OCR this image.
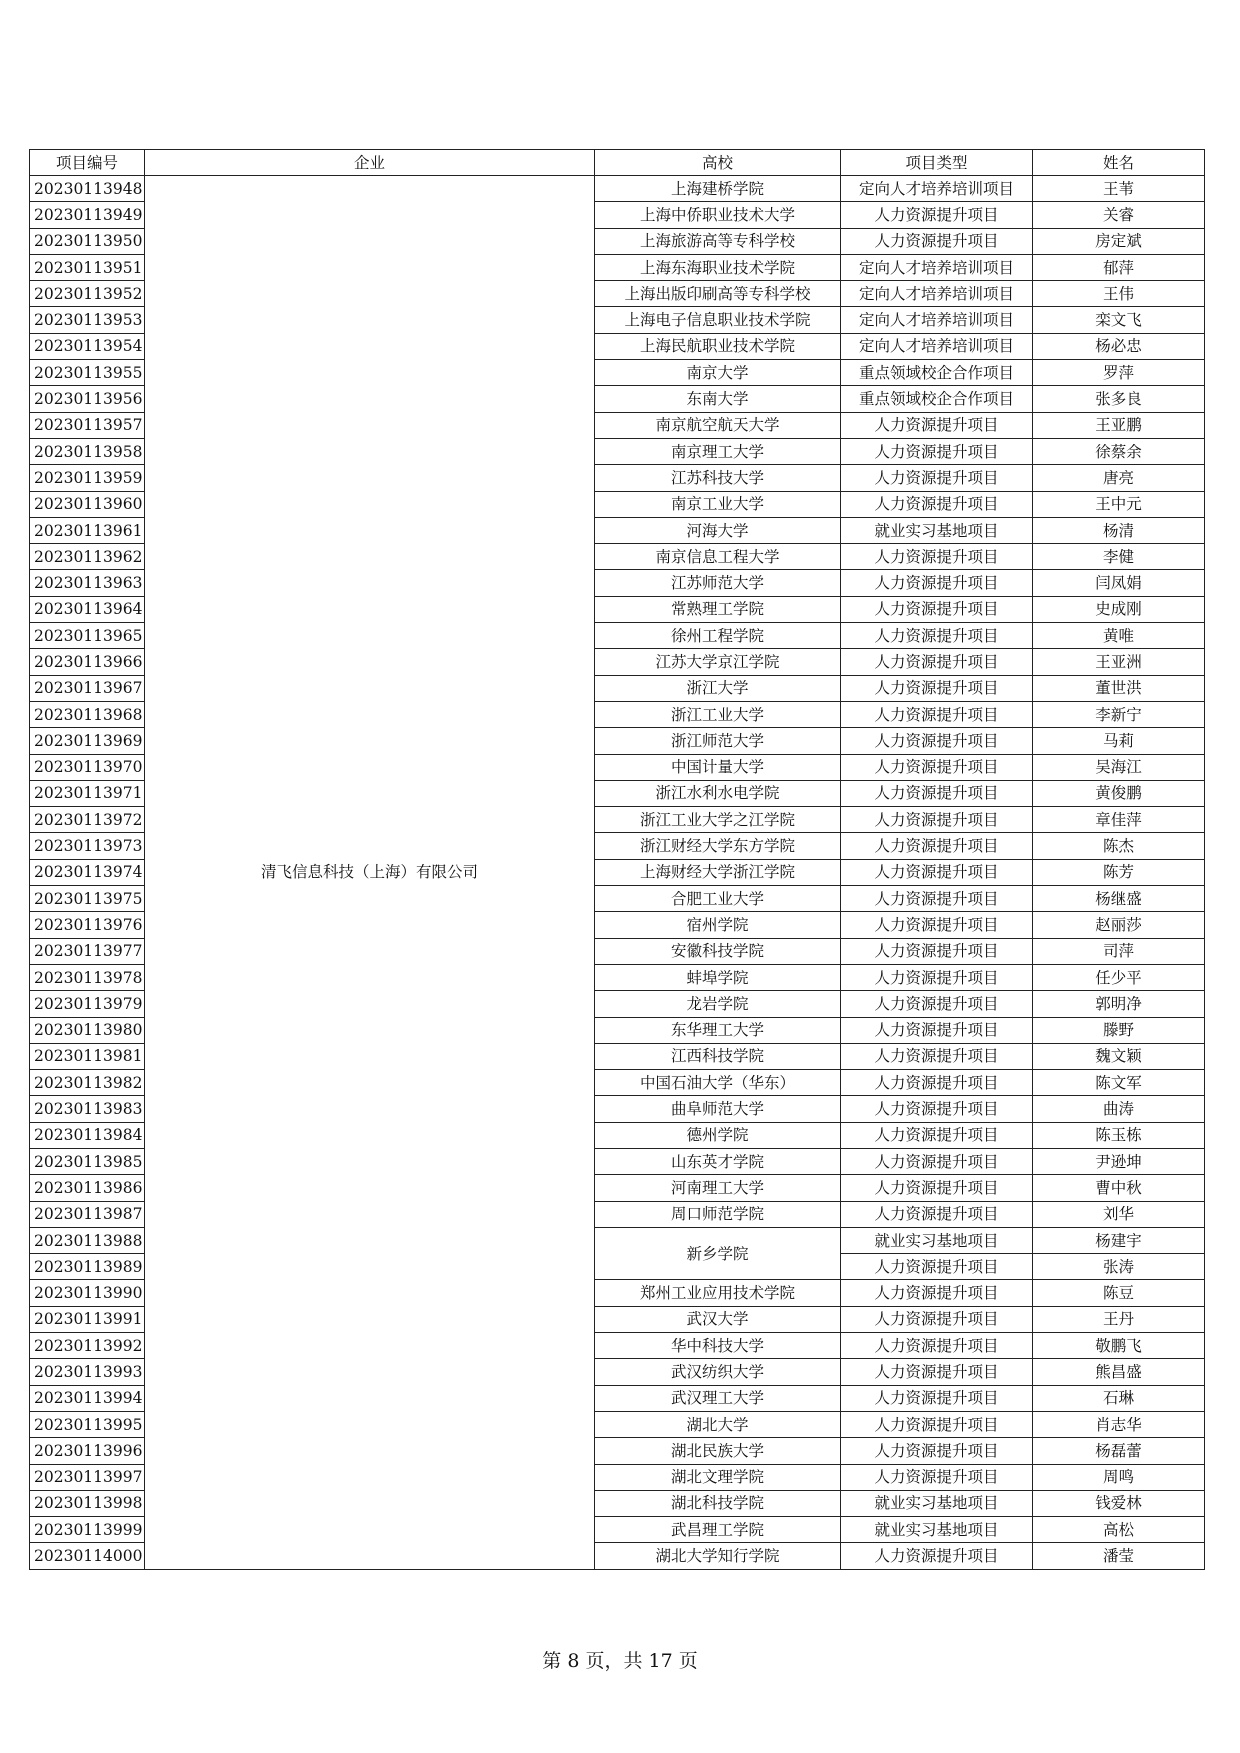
项目编号	企业	高校	项目类型	姓名
20230113948	清飞信息科技（上海）有限公司	上海建桥学院	定向人才培养培训项目	王苇
20230113949		上海中侨职业技术大学	人力资源提升项目	关睿
20230113950		上海旅游高等专科学校	人力资源提升项目	房定斌
20230113951		上海东海职业技术学院	定向人才培养培训项目	郁萍
20230113952		上海出版印刷高等专科学校	定向人才培养培训项目	王伟
20230113953		上海电子信息职业技术学院	定向人才培养培训项目	栾文飞
20230113954		上海民航职业技术学院	定向人才培养培训项目	杨必忠
20230113955		南京大学	重点领域校企合作项目	罗萍
20230113956		东南大学	重点领域校企合作项目	张多良
20230113957		南京航空航天大学	人力资源提升项目	王亚鹏
20230113958		南京理工大学	人力资源提升项目	徐蔡余
20230113959		江苏科技大学	人力资源提升项目	唐亮
20230113960		南京工业大学	人力资源提升项目	王中元
20230113961		河海大学	就业实习基地项目	杨清
20230113962		南京信息工程大学	人力资源提升项目	李健
20230113963		江苏师范大学	人力资源提升项目	闫凤娟
20230113964		常熟理工学院	人力资源提升项目	史成刚
20230113965		徐州工程学院	人力资源提升项目	黄唯
20230113966		江苏大学京江学院	人力资源提升项目	王亚洲
20230113967		浙江大学	人力资源提升项目	董世洪
20230113968		浙江工业大学	人力资源提升项目	李新宁
20230113969		浙江师范大学	人力资源提升项目	马莉
20230113970		中国计量大学	人力资源提升项目	吴海江
20230113971		浙江水利水电学院	人力资源提升项目	黄俊鹏
20230113972		浙江工业大学之江学院	人力资源提升项目	章佳萍
20230113973		浙江财经大学东方学院	人力资源提升项目	陈杰
20230113974		上海财经大学浙江学院	人力资源提升项目	陈芳
20230113975		合肥工业大学	人力资源提升项目	杨继盛
20230113976		宿州学院	人力资源提升项目	赵丽莎
20230113977		安徽科技学院	人力资源提升项目	司萍
20230113978		蚌埠学院	人力资源提升项目	任少平
20230113979		龙岩学院	人力资源提升项目	郭明净
20230113980		东华理工大学	人力资源提升项目	滕野
20230113981		江西科技学院	人力资源提升项目	魏文颖
20230113982		中国石油大学（华东）	人力资源提升项目	陈文军
20230113983		曲阜师范大学	人力资源提升项目	曲涛
20230113984		德州学院	人力资源提升项目	陈玉栋
20230113985		山东英才学院	人力资源提升项目	尹逊坤
20230113986		河南理工大学	人力资源提升项目	曹中秋
20230113987		周口师范学院	人力资源提升项目	刘华
20230113988		新乡学院	就业实习基地项目	杨建宇
20230113989			人力资源提升项目	张涛
20230113990		郑州工业应用技术学院	人力资源提升项目	陈豆
20230113991		武汉大学	人力资源提升项目	王丹
20230113992		华中科技大学	人力资源提升项目	敬鹏飞
20230113993		武汉纺织大学	人力资源提升项目	熊昌盛
20230113994		武汉理工大学	人力资源提升项目	石琳
20230113995		湖北大学	人力资源提升项目	肖志华
20230113996		湖北民族大学	人力资源提升项目	杨磊蕾
20230113997		湖北文理学院	人力资源提升项目	周鸣
20230113998		湖北科技学院	就业实习基地项目	钱爱林
20230113999		武昌理工学院	就业实习基地项目	高松
20230114000		湖北大学知行学院	人力资源提升项目	潘莹
第 8 页，共 17 页
